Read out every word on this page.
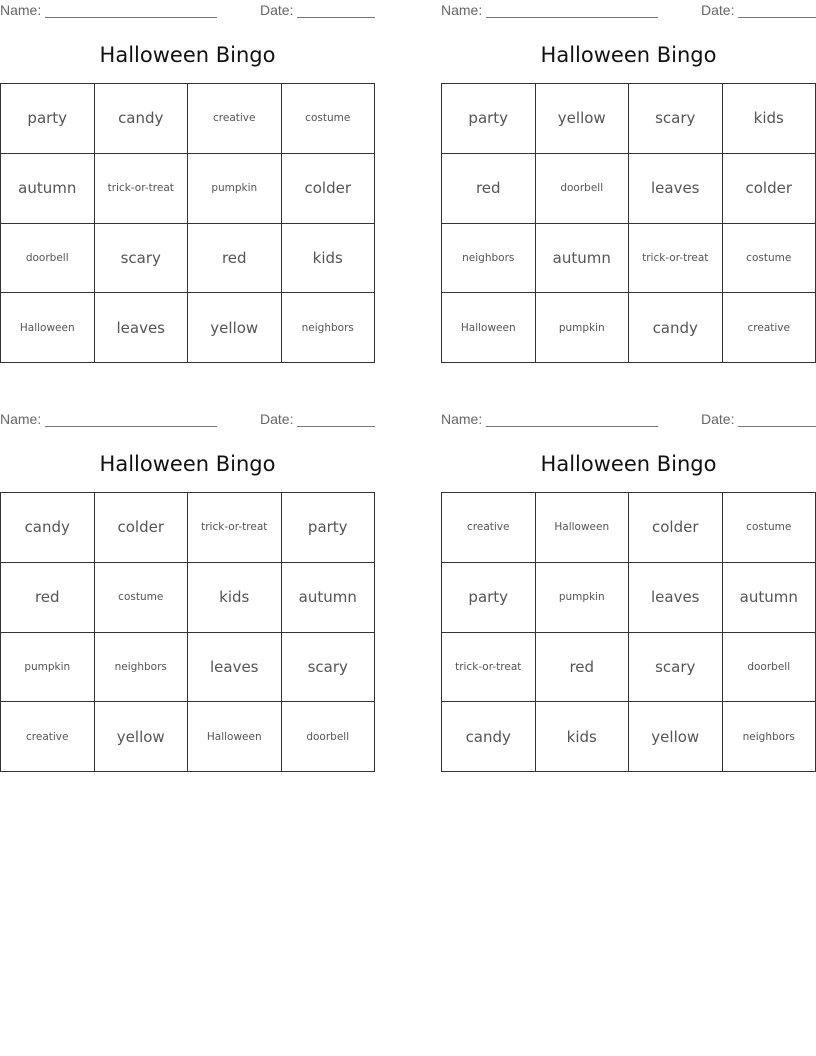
Name:	Date:
Halloween Bingo
party	candy	creative	costume
autumn	trick-or-treat	pumpkin	colder
doorbell	scary	red	kids
Halloween	leaves	yellow	neighbors
Name:	Date:
Halloween Bingo
party	yellow	scary	kids
red	doorbell	leaves	colder
neighbors	autumn	trick-or-treat	costume
Halloween	pumpkin	candy	creative
Name:	Date:
Halloween Bingo
candy	colder	trick-or-treat	party
red	costume	kids	autumn
pumpkin	neighbors	leaves	scary
creative	yellow	Halloween	doorbell
Name:	Date:
Halloween Bingo
creative	Halloween	colder	costume
party	pumpkin	leaves	autumn
trick-or-treat	red	scary	doorbell
candy	kids	yellow	neighbors
